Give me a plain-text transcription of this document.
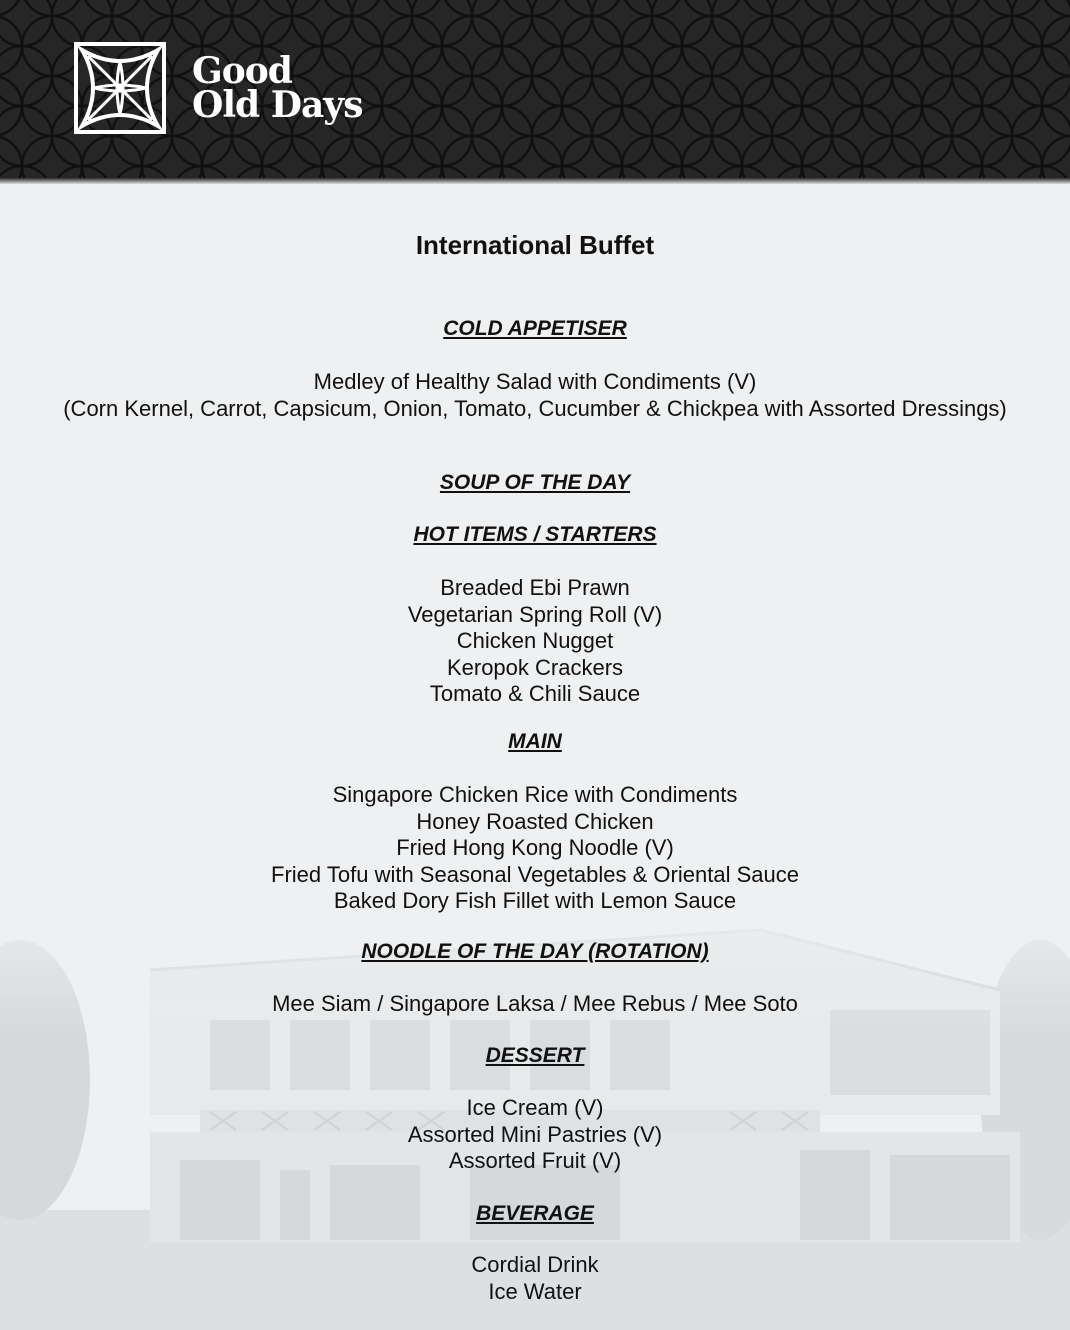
Good
Old Days
International Buffet
COLD APPETISER
Medley of Healthy Salad with Condiments (V)
(Corn Kernel, Carrot, Capsicum, Onion, Tomato, Cucumber & Chickpea with Assorted Dressings)
SOUP OF THE DAY
HOT ITEMS / STARTERS
Breaded Ebi Prawn
Vegetarian Spring Roll (V)
Chicken Nugget
Keropok Crackers
Tomato & Chili Sauce
MAIN
Singapore Chicken Rice with Condiments
Honey Roasted Chicken
Fried Hong Kong Noodle (V)
Fried Tofu with Seasonal Vegetables & Oriental Sauce
Baked Dory Fish Fillet with Lemon Sauce
NOODLE OF THE DAY (ROTATION)
Mee Siam / Singapore Laksa / Mee Rebus / Mee Soto
DESSERT
Ice Cream (V)
Assorted Mini Pastries (V)
Assorted Fruit (V)
BEVERAGE
Cordial Drink
Ice Water
